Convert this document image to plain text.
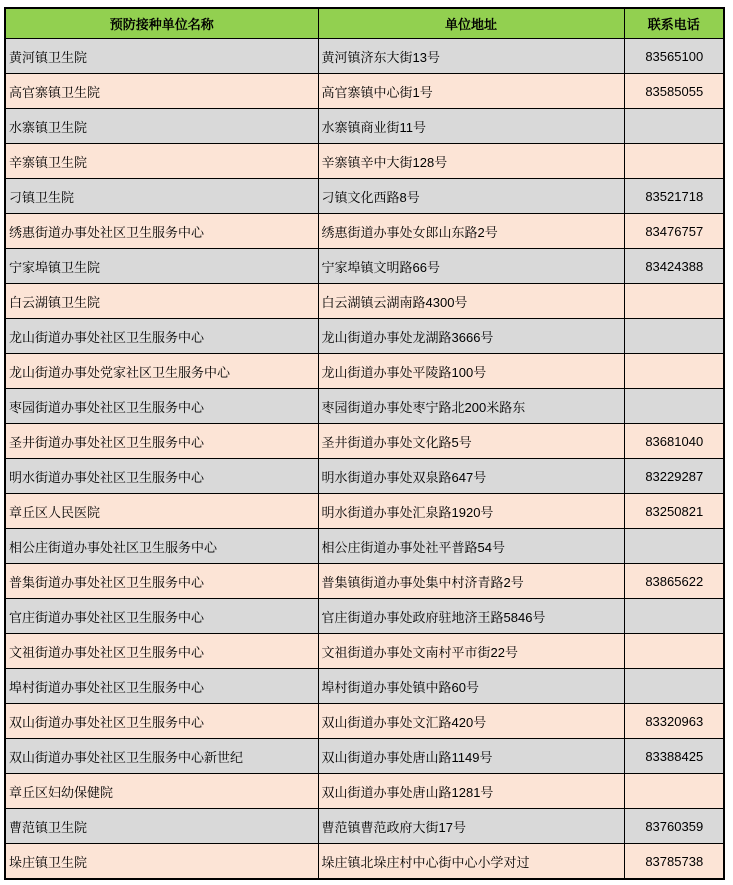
预防接种单位名称	单位地址	联系电话
黄河镇卫生院	黄河镇济东大街13号	83565100
高官寨镇卫生院	高官寨镇中心街1号	83585055
水寨镇卫生院	水寨镇商业街11号	
辛寨镇卫生院	辛寨镇辛中大街128号	
刁镇卫生院	刁镇文化西路8号	83521718
绣惠街道办事处社区卫生服务中心	绣惠街道办事处女郎山东路2号	83476757
宁家埠镇卫生院	宁家埠镇文明路66号	83424388
白云湖镇卫生院	白云湖镇云湖南路4300号	
龙山街道办事处社区卫生服务中心	龙山街道办事处龙湖路3666号	
龙山街道办事处党家社区卫生服务中心	龙山街道办事处平陵路100号	
枣园街道办事处社区卫生服务中心	枣园街道办事处枣宁路北200米路东	
圣井街道办事处社区卫生服务中心	圣井街道办事处文化路5号	83681040
明水街道办事处社区卫生服务中心	明水街道办事处双泉路647号	83229287
章丘区人民医院	明水街道办事处汇泉路1920号	83250821
相公庄街道办事处社区卫生服务中心	相公庄街道办事处社平普路54号	
普集街道办事处社区卫生服务中心	普集镇街道办事处集中村济青路2号	83865622
官庄街道办事处社区卫生服务中心	官庄街道办事处政府驻地济王路5846号	
文祖街道办事处社区卫生服务中心	文祖街道办事处文南村平市街22号	
埠村街道办事处社区卫生服务中心	埠村街道办事处镇中路60号	
双山街道办事处社区卫生服务中心	双山街道办事处文汇路420号	83320963
双山街道办事处社区卫生服务中心新世纪	双山街道办事处唐山路1149号	83388425
章丘区妇幼保健院	双山街道办事处唐山路1281号	
曹范镇卫生院	曹范镇曹范政府大街17号	83760359
垛庄镇卫生院	垛庄镇北垛庄村中心街中心小学对过	83785738
